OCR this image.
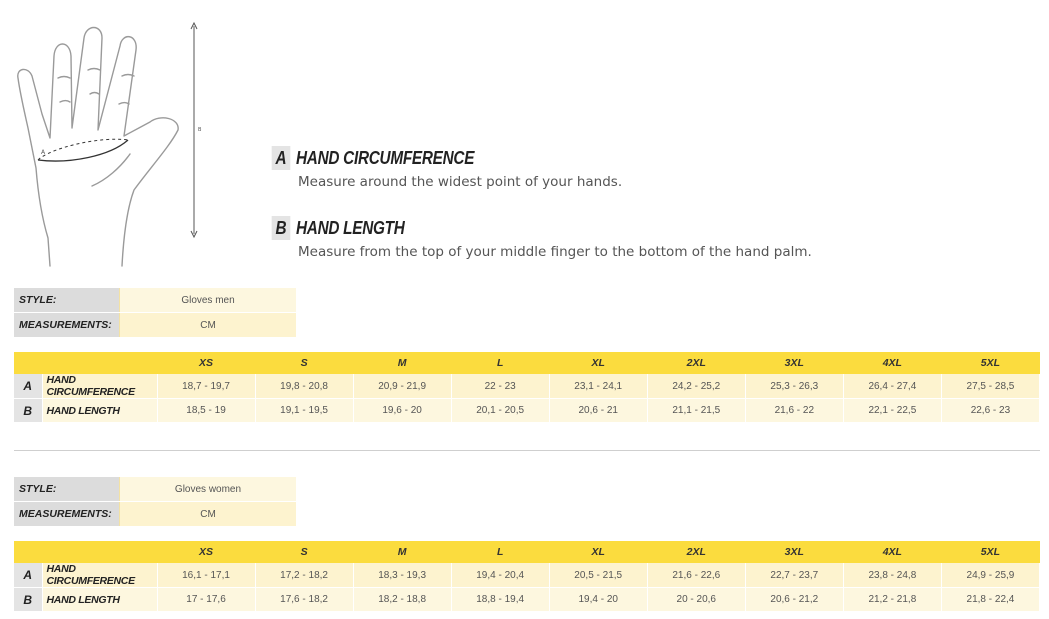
A
B
A HAND CIRCUMFERENCE
Measure around the widest point of your hands.
B HAND LENGTH
Measure from the top of your middle finger to the bottom of the hand palm.
STYLE:	Gloves men
MEASUREMENTS:	CM
		XS	S	M	L	XL	2XL	3XL	4XL	5XL
A	HAND CIRCUMFERENCE	18,7 - 19,7	19,8 - 20,8	20,9 - 21,9	22 - 23	23,1 - 24,1	24,2 - 25,2	25,3 - 26,3	26,4 - 27,4	27,5 - 28,5
B	HAND LENGTH	18,5 - 19	19,1 - 19,5	19,6 - 20	20,1 - 20,5	20,6 - 21	21,1 - 21,5	21,6 - 22	22,1 - 22,5	22,6 - 23
STYLE:	Gloves women
MEASUREMENTS:	CM
		XS	S	M	L	XL	2XL	3XL	4XL	5XL
A	HAND CIRCUMFERENCE	16,1 - 17,1	17,2 - 18,2	18,3 - 19,3	19,4 - 20,4	20,5 - 21,5	21,6 - 22,6	22,7 - 23,7	23,8 - 24,8	24,9 - 25,9
B	HAND LENGTH	17 - 17,6	17,6 - 18,2	18,2 - 18,8	18,8 - 19,4	19,4 - 20	20 - 20,6	20,6 - 21,2	21,2 - 21,8	21,8 - 22,4
